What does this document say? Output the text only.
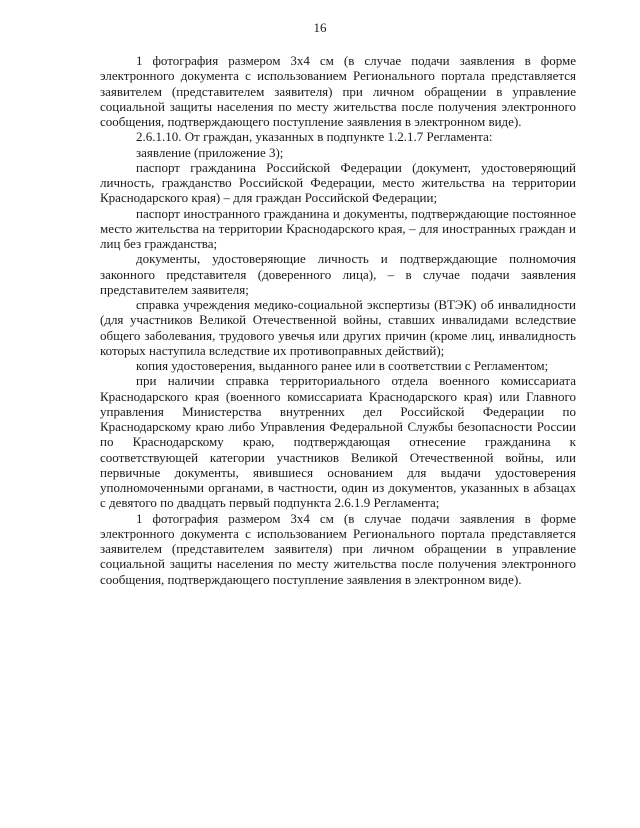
16

1 фотография размером 3х4 см (в случае подачи заявления в форме электронного документа с использованием Регионального портала представляется заявителем (представителем заявителя) при личном обращении в управление социальной защиты населения по месту жительства после получения электронного сообщения, подтверждающего поступление заявления в электронном виде).

2.6.1.10. От граждан, указанных в подпункте 1.2.1.7 Регламента:

заявление (приложение 3);

паспорт гражданина Российской Федерации (документ, удостоверяющий личность, гражданство Российской Федерации, место жительства на территории Краснодарского края) – для граждан Российской Федерации;

паспорт иностранного гражданина и документы, подтверждающие постоянное место жительства на территории Краснодарского края, – для иностранных граждан и лиц без гражданства;

документы, удостоверяющие личность и подтверждающие полномочия законного представителя (доверенного лица), – в случае подачи заявления представителем заявителя;

справка учреждения медико-социальной экспертизы (ВТЭК) об инвалидности (для участников Великой Отечественной войны, ставших инвалидами вследствие общего заболевания, трудового увечья или других причин (кроме лиц, инвалидность которых наступила вследствие их противоправных действий);

копия удостоверения, выданного ранее или в соответствии с Регламентом;

при наличии справка территориального отдела военного комиссариата Краснодарского края (военного комиссариата Краснодарского края) или Главного управления Министерства внутренних дел Российской Федерации по Краснодарскому краю либо Управления Федеральной Службы безопасности России по Краснодарскому краю, подтверждающая отнесение гражданина к соответствующей категории участников Великой Отечественной войны, или первичные документы, явившиеся основанием для выдачи удостоверения уполномоченными органами, в частности, один из документов, указанных в абзацах с девятого по двадцать первый подпункта 2.6.1.9 Регламента;

1 фотография размером 3х4 см (в случае подачи заявления в форме электронного документа с использованием Регионального портала представляется заявителем (представителем заявителя) при личном обращении в управление социальной защиты населения по месту жительства после получения электронного сообщения, подтверждающего поступление заявления в электронном виде).
